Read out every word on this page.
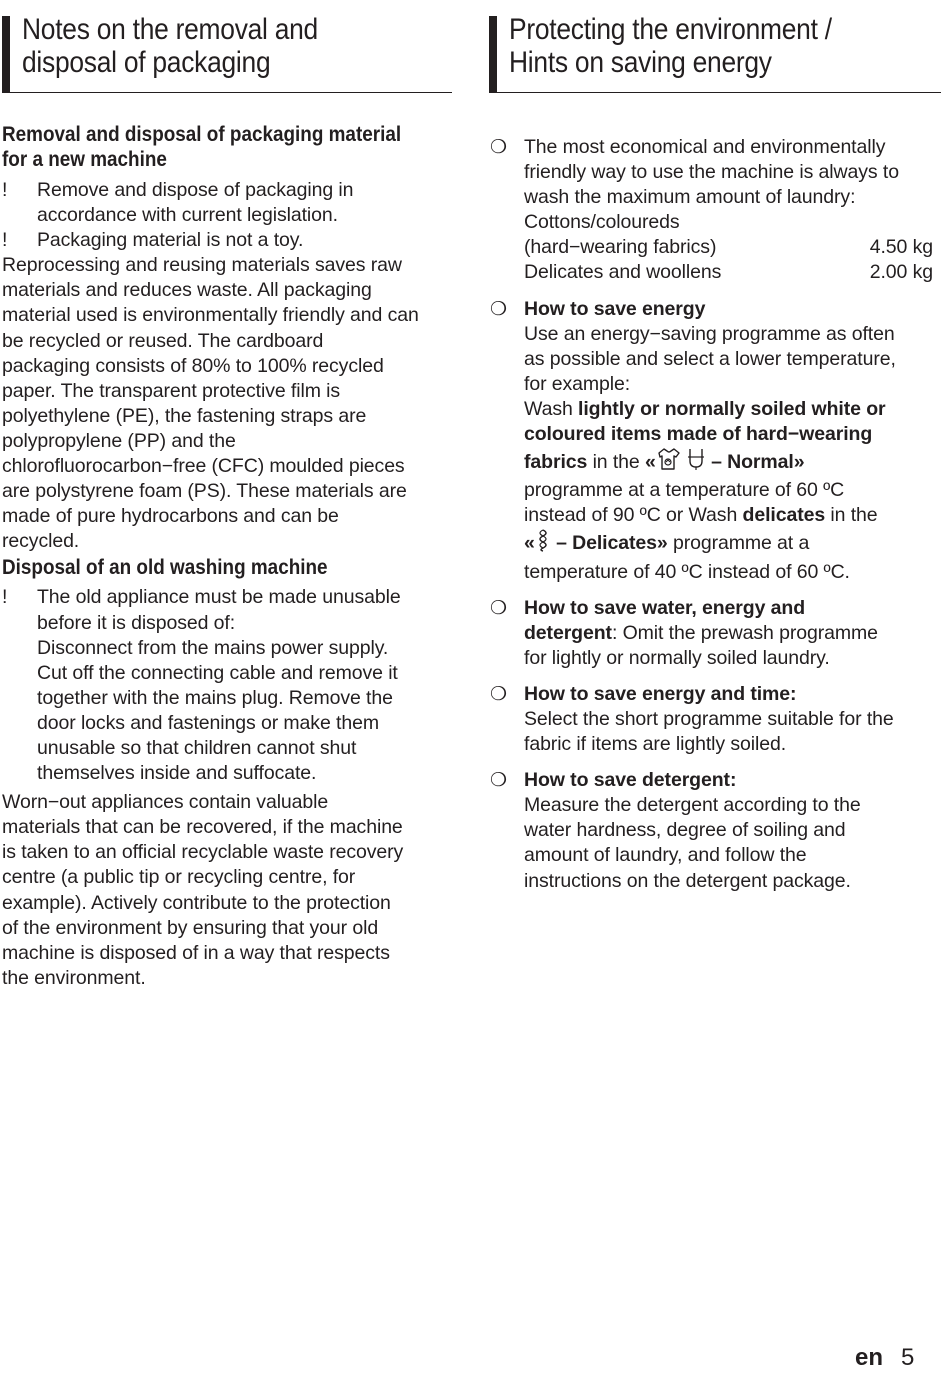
Notes on the removal and
disposal of packaging
Removal and disposal of packaging material
for a new machine
! Remove and dispose of packaging in
accordance with current legislation.
! Packaging material is not a toy.
Reprocessing and reusing materials saves raw
materials and reduces waste. All packaging
material used is environmentally friendly and can
be recycled or reused. The cardboard
packaging consists of 80% to 100% recycled
paper. The transparent protective film is
polyethylene (PE), the fastening straps are
polypropylene (PP) and the
chlorofluorocarbon−free (CFC) moulded pieces
are polystyrene foam (PS). These materials are
made of pure hydrocarbons and can be
recycled.
Disposal of an old washing machine
! The old appliance must be made unusable
before it is disposed of:
Disconnect from the mains power supply.
Cut off the connecting cable and remove it
together with the mains plug. Remove the
door locks and fastenings or make them
unusable so that children cannot shut
themselves inside and suffocate.
Worn−out appliances contain valuable
materials that can be recovered, if the machine
is taken to an official recyclable waste recovery
centre (a public tip or recycling centre, for
example). Actively contribute to the protection
of the environment by ensuring that your old
machine is disposed of in a way that respects
the environment.
Protecting the environment /
Hints on saving energy
❍ The most economical and environmentally
friendly way to use the machine is always to
wash the maximum amount of laundry:
Cottons/coloureds
(hard−wearing fabrics)	4.50 kg
Delicates and woollens	2.00 kg
❍ How to save energy
Use an energy−saving programme as often
as possible and select a lower temperature,
for example:
Wash lightly or normally soiled white or
coloured items made of hard−wearing
fabrics in the «	– Normal»
programme at a temperature of 60 ºC
instead of 90 ºC or Wash delicates in the
« – Delicates» programme at a
temperature of 40 ºC instead of 60 ºC.
❍ How to save water, energy and
detergent: Omit the prewash programme
for lightly or normally soiled laundry.
❍ How to save energy and time:
Select the short programme suitable for the
fabric if items are lightly soiled.
❍ How to save detergent:
Measure the detergent according to the
water hardness, degree of soiling and
amount of laundry, and follow the
instructions on the detergent package.
en 5
